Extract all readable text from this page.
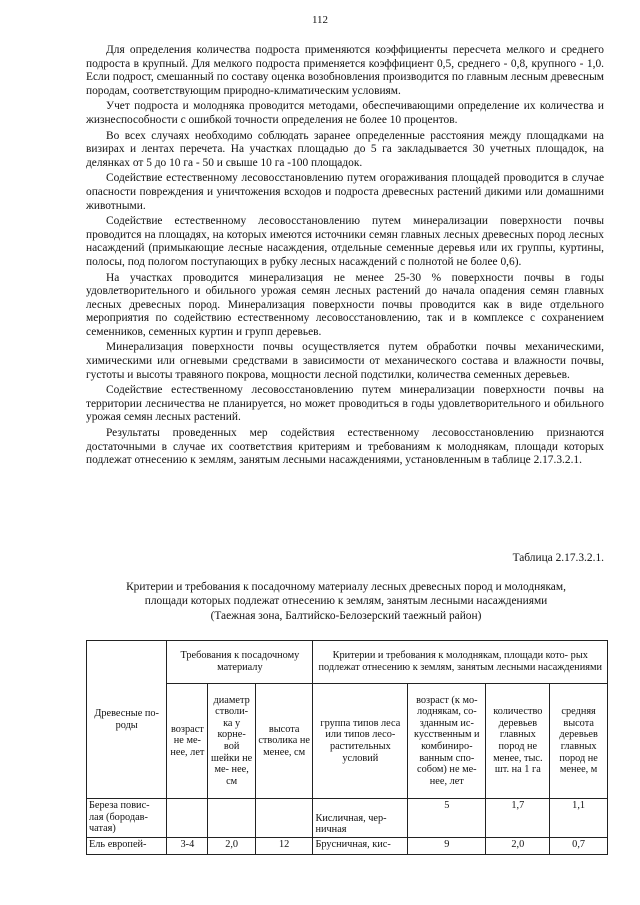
112

Для определения количества подроста применяются коэффициенты пересчета мелкого и среднего подроста в крупный. Для мелкого подроста применяется коэффициент 0,5, среднего - 0,8, крупного - 1,0. Если подрост, смешанный по составу оценка возобновления производится по главным лесным древесным породам, соответствующим природно-климатическим условиям.

Учет подроста и молодняка проводится методами, обеспечивающими определение их количества и жизнеспособности с ошибкой точности определения не более 10 процентов.

Во всех случаях необходимо соблюдать заранее определенные расстояния между площадками на визирах и лентах перечета. На участках площадью до 5 га закладывается 30 учетных площадок, на делянках от 5 до 10 га - 50 и свыше 10 га -100 площадок.

Содействие естественному лесовосстановлению путем огораживания площадей проводится в случае опасности повреждения и уничтожения всходов и подроста древесных растений дикими или домашними животными.

Содействие естественному лесовосстановлению путем минерализации поверхности почвы проводится на площадях, на которых имеются источники семян главных лесных древесных пород лесных насаждений (примыкающие лесные насаждения, отдельные семенные деревья или их группы, куртины, полосы, под пологом поступающих в рубку лесных насаждений с полнотой не более 0,6).

На участках проводится минерализация не менее 25-30 % поверхности почвы в годы удовлетворительного и обильного урожая семян лесных растений до начала опадения семян главных лесных древесных пород. Минерализация поверхности почвы проводится как в виде отдельного мероприятия по содействию естественному лесовосстановлению, так и в комплексе с сохранением семенников, семенных куртин и групп деревьев.

Минерализация поверхности почвы осуществляется путем обработки почвы механическими, химическими или огневыми средствами в зависимости от механического состава и влажности почвы, густоты и высоты травяного покрова, мощности лесной подстилки, количества семенных деревьев.

Содействие естественному лесовосстановлению путем минерализации поверхности почвы на территории лесничества не планируется, но может проводиться в годы удовлетворительного и обильного урожая семян лесных растений.

Результаты проведенных мер содействия естественному лесовосстановлению признаются достаточными в случае их соответствия критериям и требованиям к молоднякам, площади которых подлежат отнесению к землям, занятым лесными насаждениями, установленным в таблице 2.17.3.2.1.

Таблица 2.17.3.2.1.
Критерии и требования к посадочному материалу лесных древесных пород и молоднякам,
площади которых подлежат отнесению к землям, занятым лесными насаждениями
(Таежная зона, Балтийско-Белозерский таежный район)
Древесные по- роды	Требования к посадочному материалу			Критерии и требования к молоднякам, площади кото- рых подлежат отнесению к землям, занятым лесными насаждениями			
	возраст не ме- нее, лет	диаметр стволи- ка у корне- вой шейки не ме- нее, см	высота стволика не менее, см	группа типов леса или типов лесо- растительных условий	возраст (к мо- лоднякам, со- зданным ис- кусственным и комбиниро- ванным спо- собом) не ме- нее, лет	количество деревьев главных пород не менее, тыс. шт. на 1 га	средняя высота деревьев главных пород не менее, м
Береза повис- лая (бородав- чатая)				Кисличная, чер- ничная	5	1,7	1,1
Ель европей-	3-4	2,0	12	Брусничная, кис-	9	2,0	0,7
